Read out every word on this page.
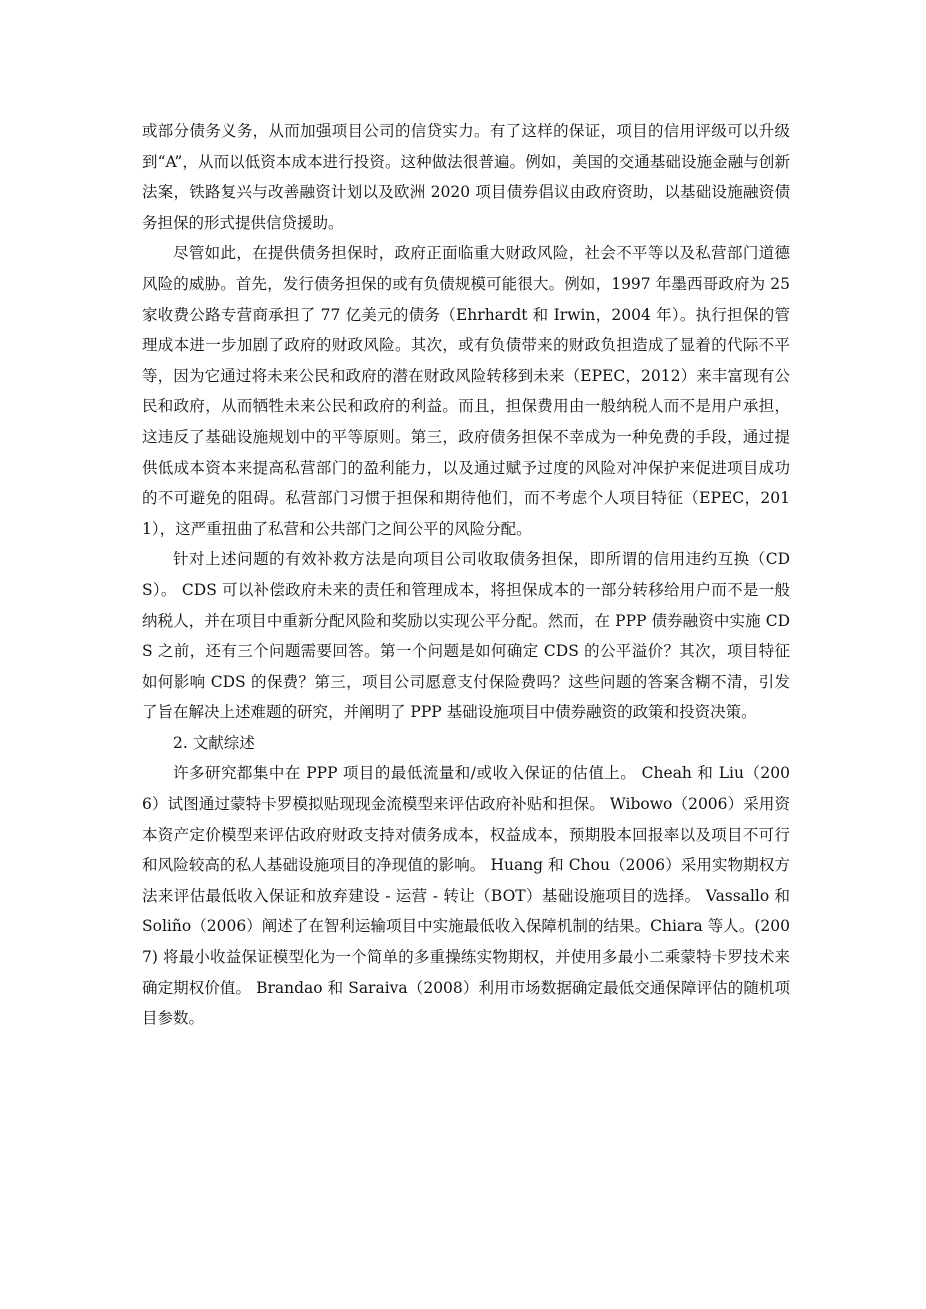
或部分债务义务，从而加强项目公司的信贷实力。有了这样的保证，项目的信用评级可以升级到“A”，从而以低资本成本进行投资。这种做法很普遍。例如，美国的交通基础设施金融与创新法案，铁路复兴与改善融资计划以及欧洲 2020 项目债券倡议由政府资助，以基础设施融资债务担保的形式提供信贷援助。

尽管如此，在提供债务担保时，政府正面临重大财政风险，社会不平等以及私营部门道德风险的威胁。首先，发行债务担保的或有负债规模可能很大。例如，1997 年墨西哥政府为 25 家收费公路专营商承担了 77 亿美元的债务（Ehrhardt 和 Irwin，2004 年）。执行担保的管理成本进一步加剧了政府的财政风险。其次，或有负债带来的财政负担造成了显着的代际不平等，因为它通过将未来公民和政府的潜在财政风险转移到未来（EPEC，2012）来丰富现有公民和政府，从而牺牲未来公民和政府的利益。而且，担保费用由一般纳税人而不是用户承担，这违反了基础设施规划中的平等原则。第三，政府债务担保不幸成为一种免费的手段，通过提供低成本资本来提高私营部门的盈利能力，以及通过赋予过度的风险对冲保护来促进项目成功的不可避免的阻碍。私营部门习惯于担保和期待他们，而不考虑个人项目特征（EPEC，2011），这严重扭曲了私营和公共部门之间公平的风险分配。

针对上述问题的有效补救方法是向项目公司收取债务担保，即所谓的信用违约互换（CDS）。 CDS 可以补偿政府未来的责任和管理成本，将担保成本的一部分转移给用户而不是一般纳税人，并在项目中重新分配风险和奖励以实现公平分配。然而，在 PPP 债券融资中实施 CDS 之前，还有三个问题需要回答。第一个问题是如何确定 CDS 的公平溢价？其次，项目特征如何影响 CDS 的保费？第三，项目公司愿意支付保险费吗？这些问题的答案含糊不清，引发了旨在解决上述难题的研究，并阐明了 PPP 基础设施项目中债券融资的政策和投资决策。

2. 文献综述

许多研究都集中在 PPP 项目的最低流量和/或收入保证的估值上。 Cheah 和 Liu（2006）试图通过蒙特卡罗模拟贴现现金流模型来评估政府补贴和担保。 Wibowo（2006）采用资本资产定价模型来评估政府财政支持对债务成本，权益成本，预期股本回报率以及项目不可行和风险较高的私人基础设施项目的净现值的影响。 Huang 和 Chou（2006）采用实物期权方法来评估最低收入保证和放弃建设 - 运营 - 转让（BOT）基础设施项目的选择。 Vassallo 和 Soliño（2006）阐述了在智利运输项目中实施最低收入保障机制的结果。Chiara 等人。(2007) 将最小收益保证模型化为一个简单的多重操练实物期权，并使用多最小二乘蒙特卡罗技术来确定期权价值。 Brandao 和 Saraiva（2008）利用市场数据确定最低交通保障评估的随机项目参数。
